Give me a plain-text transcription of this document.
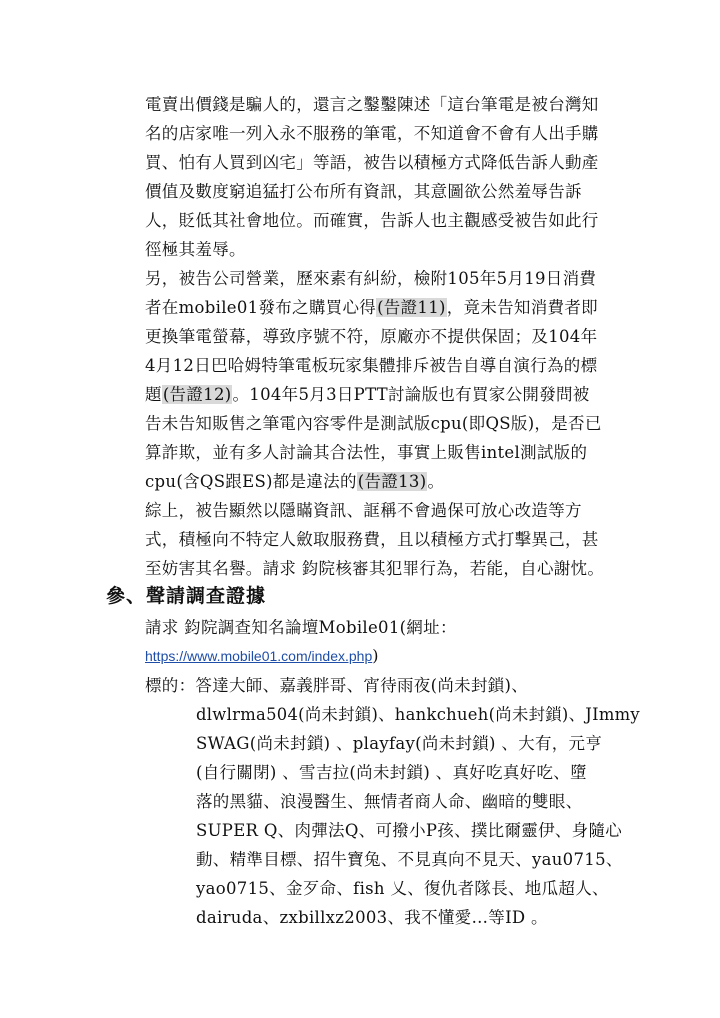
電賣出價錢是騙人的，還言之鑿鑿陳述「這台筆電是被台灣知
名的店家唯一列入永不服務的筆電，不知道會不會有人出手購
買、怕有人買到凶宅」等語，被告以積極方式降低告訴人動產
價值及數度窮追猛打公布所有資訊，其意圖欲公然羞辱告訴
人，貶低其社會地位。而確實，告訴人也主觀感受被告如此行
徑極其羞辱。
另，被告公司營業，歷來素有糾紛，檢附105年5月19日消費
者在mobile01發布之購買心得(告證11)，竟未告知消費者即
更換筆電螢幕，導致序號不符，原廠亦不提供保固；及104年
4月12日巴哈姆特筆電板玩家集體排斥被告自導自演行為的標
題(告證12)。104年5月3日PTT討論版也有買家公開發問被
告未告知販售之筆電內容零件是測試版cpu(即QS版)，是否已
算詐欺，並有多人討論其合法性，事實上販售intel測試版的
cpu(含QS跟ES)都是違法的(告證13)。
綜上，被告顯然以隱瞞資訊、誆稱不會過保可放心改造等方
式，積極向不特定人斂取服務費，且以積極方式打擊異己，甚
至妨害其名譽。請求 鈞院核審其犯罪行為，若能，自心謝忱。
參、聲請調查證據
請求 鈞院調查知名論壇Mobile01(網址：
https://www.mobile01.com/index.php)
標的：答達大師、嘉義胖哥、宵待雨夜(尚未封鎖)、
dlwlrma504(尚未封鎖)、hankchueh(尚未封鎖)、JImmy
SWAG(尚未封鎖) 、playfay(尚未封鎖) 、大有，元亨
(自行關閉) 、雪吉拉(尚未封鎖) 、真好吃真好吃、墮
落的黑貓、浪漫醫生、無情者商人命、幽暗的雙眼、
SUPER Q、肉彈法Q、可撥小P孩、撲比爾靈伊、身隨心
動、精準目標、招牛寶兔、不見真向不見天、yau0715、
yao0715、金歹命、fish 乂、復仇者隊長、地瓜超人、
dairuda、zxbillxz2003、我不懂愛…等ID 。
